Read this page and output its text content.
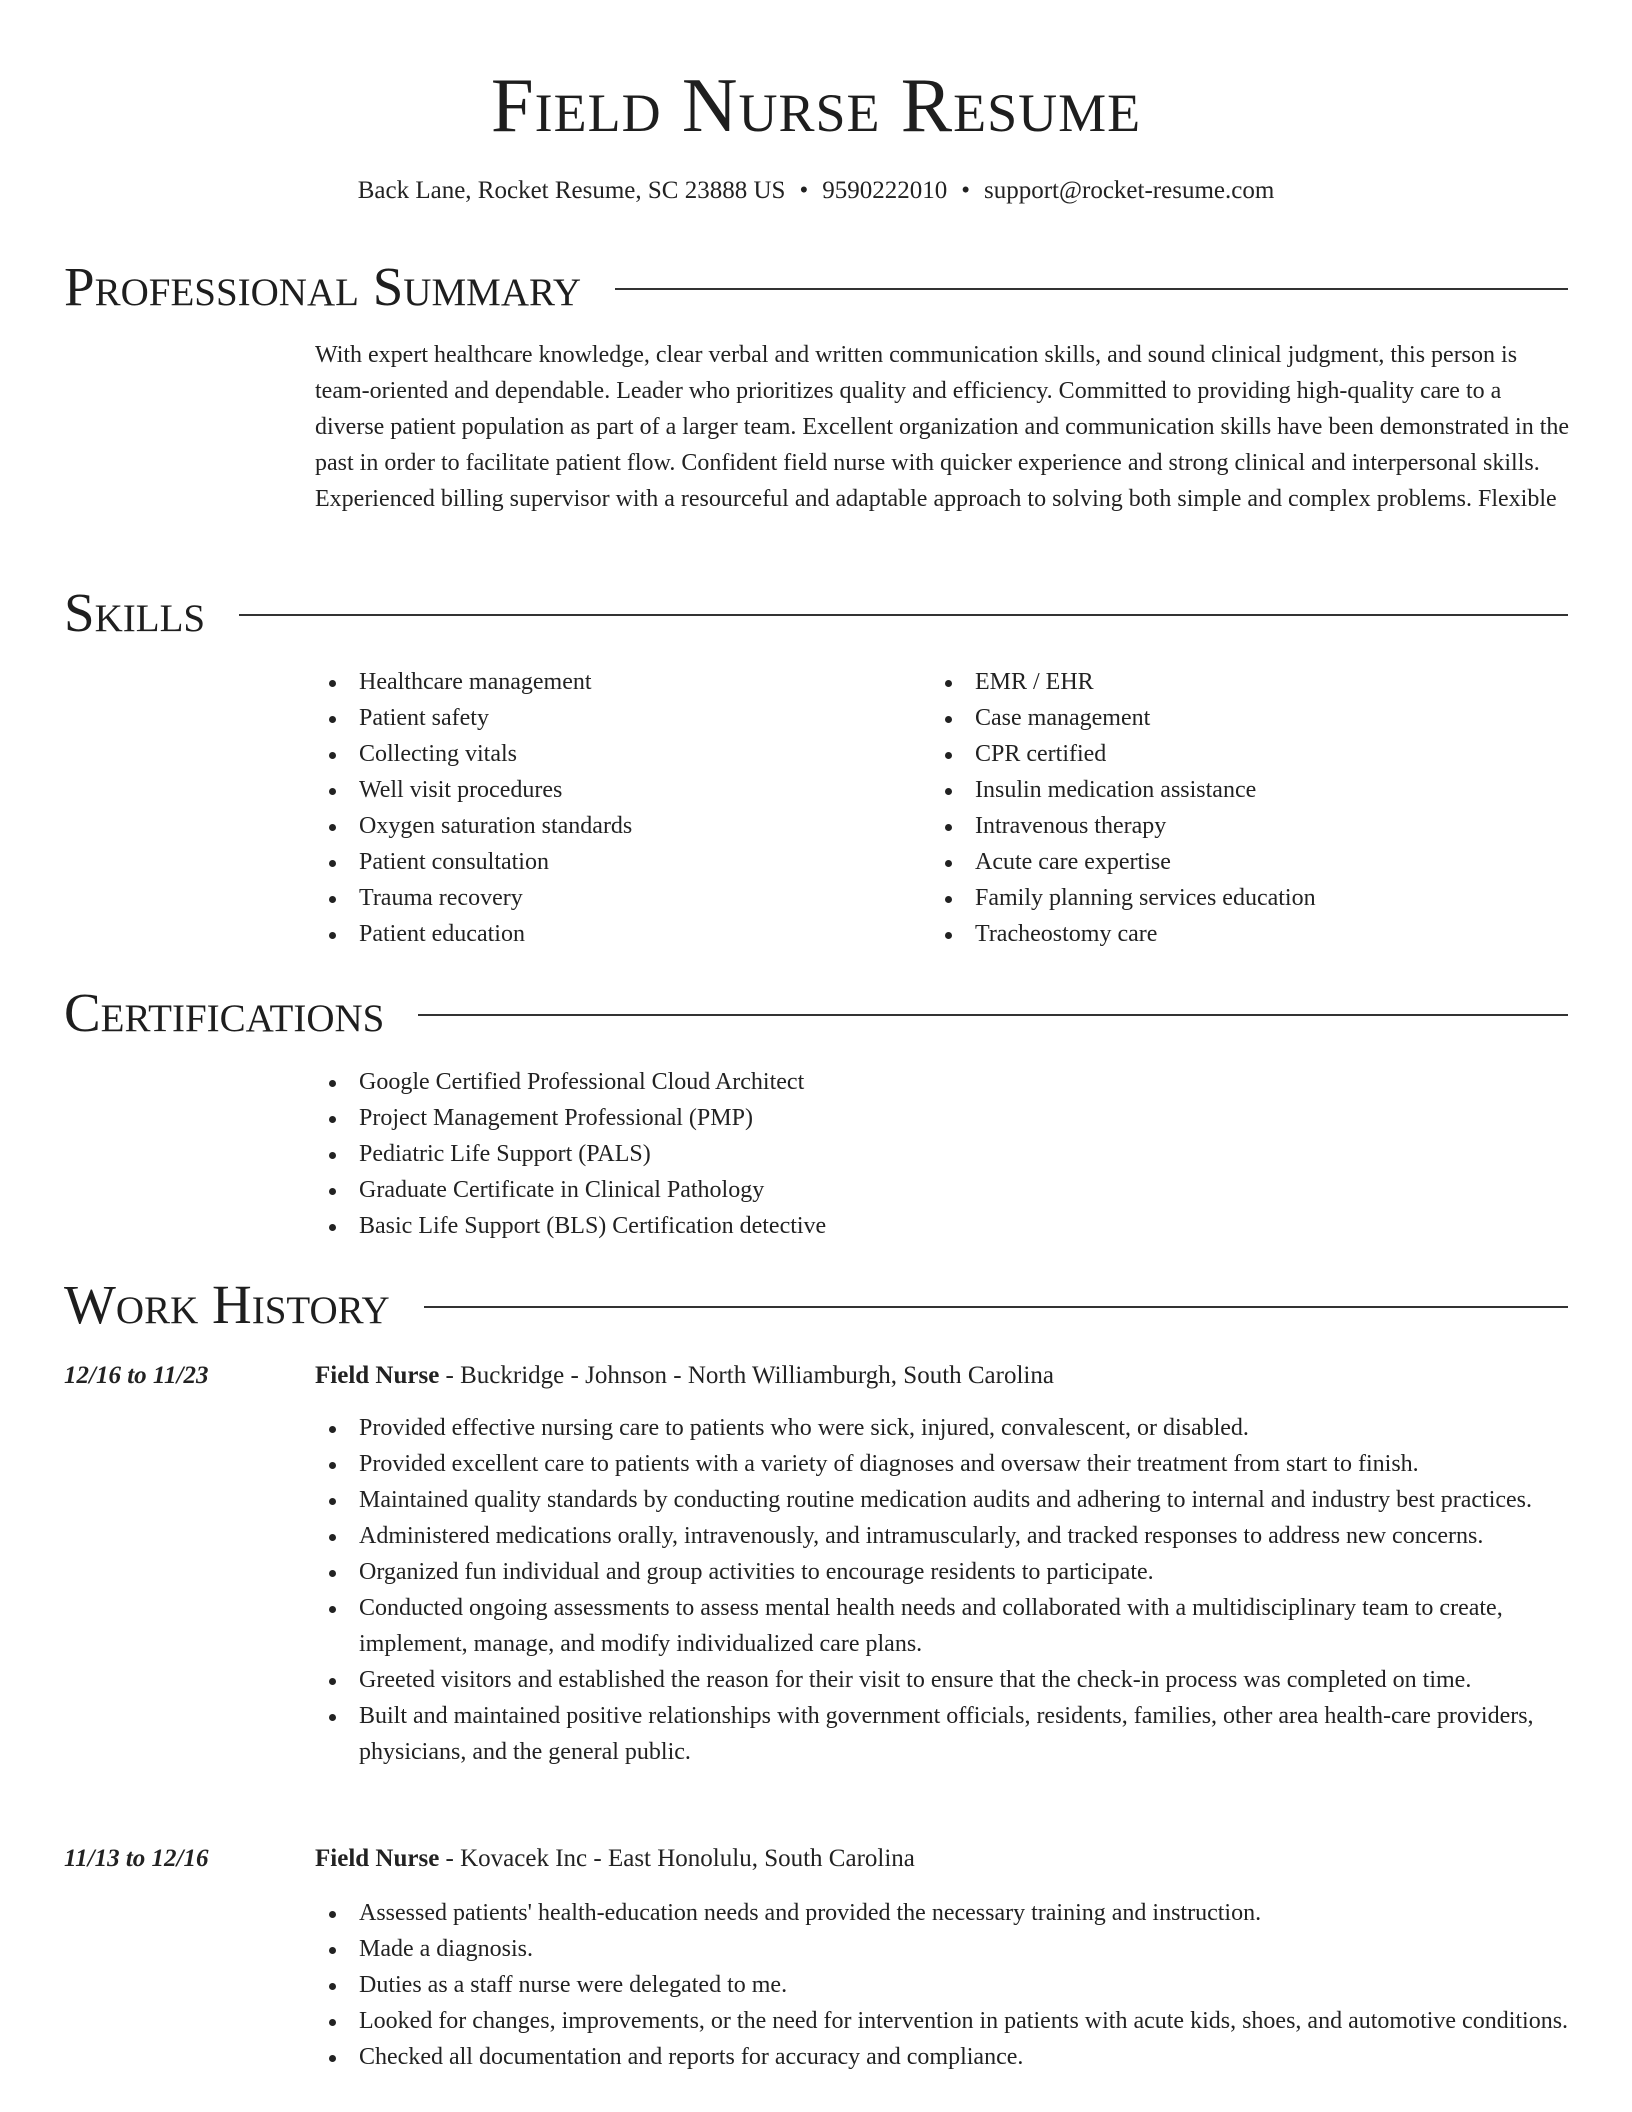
Field Nurse Resume
Back Lane, Rocket Resume, SC 23888 US • 9590222010 • support@rocket-resume.com
Professional Summary

With expert healthcare knowledge, clear verbal and written communication skills, and sound clinical judgment, this person is team-oriented and dependable. Leader who prioritizes quality and efficiency. Committed to providing high-quality care to a diverse patient population as part of a larger team. Excellent organization and communication skills have been demonstrated in the past in order to facilitate patient flow. Confident field nurse with quicker experience and strong clinical and interpersonal skills. Experienced billing supervisor with a resourceful and adaptable approach to solving both simple and complex problems. Flexible

Skills
Healthcare management
Patient safety
Collecting vitals
Well visit procedures
Oxygen saturation standards
Patient consultation
Trauma recovery
Patient education
EMR / EHR
Case management
CPR certified
Insulin medication assistance
Intravenous therapy
Acute care expertise
Family planning services education
Tracheostomy care
Certifications
Google Certified Professional Cloud Architect
Project Management Professional (PMP)
Pediatric Life Support (PALS)
Graduate Certificate in Clinical Pathology
Basic Life Support (BLS) Certification detective
Work History
12/16 to 11/23	Field Nurse - Buckridge - Johnson - North Williamburgh, South Carolina
Provided effective nursing care to patients who were sick, injured, convalescent, or disabled.
Provided excellent care to patients with a variety of diagnoses and oversaw their treatment from start to finish.
Maintained quality standards by conducting routine medication audits and adhering to internal and industry best practices.
Administered medications orally, intravenously, and intramuscularly, and tracked responses to address new concerns.
Organized fun individual and group activities to encourage residents to participate.
Conducted ongoing assessments to assess mental health needs and collaborated with a multidisciplinary team to create, implement, manage, and modify individualized care plans.
Greeted visitors and established the reason for their visit to ensure that the check-in process was completed on time.
Built and maintained positive relationships with government officials, residents, families, other area health-care providers, physicians, and the general public.
11/13 to 12/16	Field Nurse - Kovacek Inc - East Honolulu, South Carolina
Assessed patients' health-education needs and provided the necessary training and instruction.
Made a diagnosis.
Duties as a staff nurse were delegated to me.
Looked for changes, improvements, or the need for intervention in patients with acute kids, shoes, and automotive conditions.
Checked all documentation and reports for accuracy and compliance.
